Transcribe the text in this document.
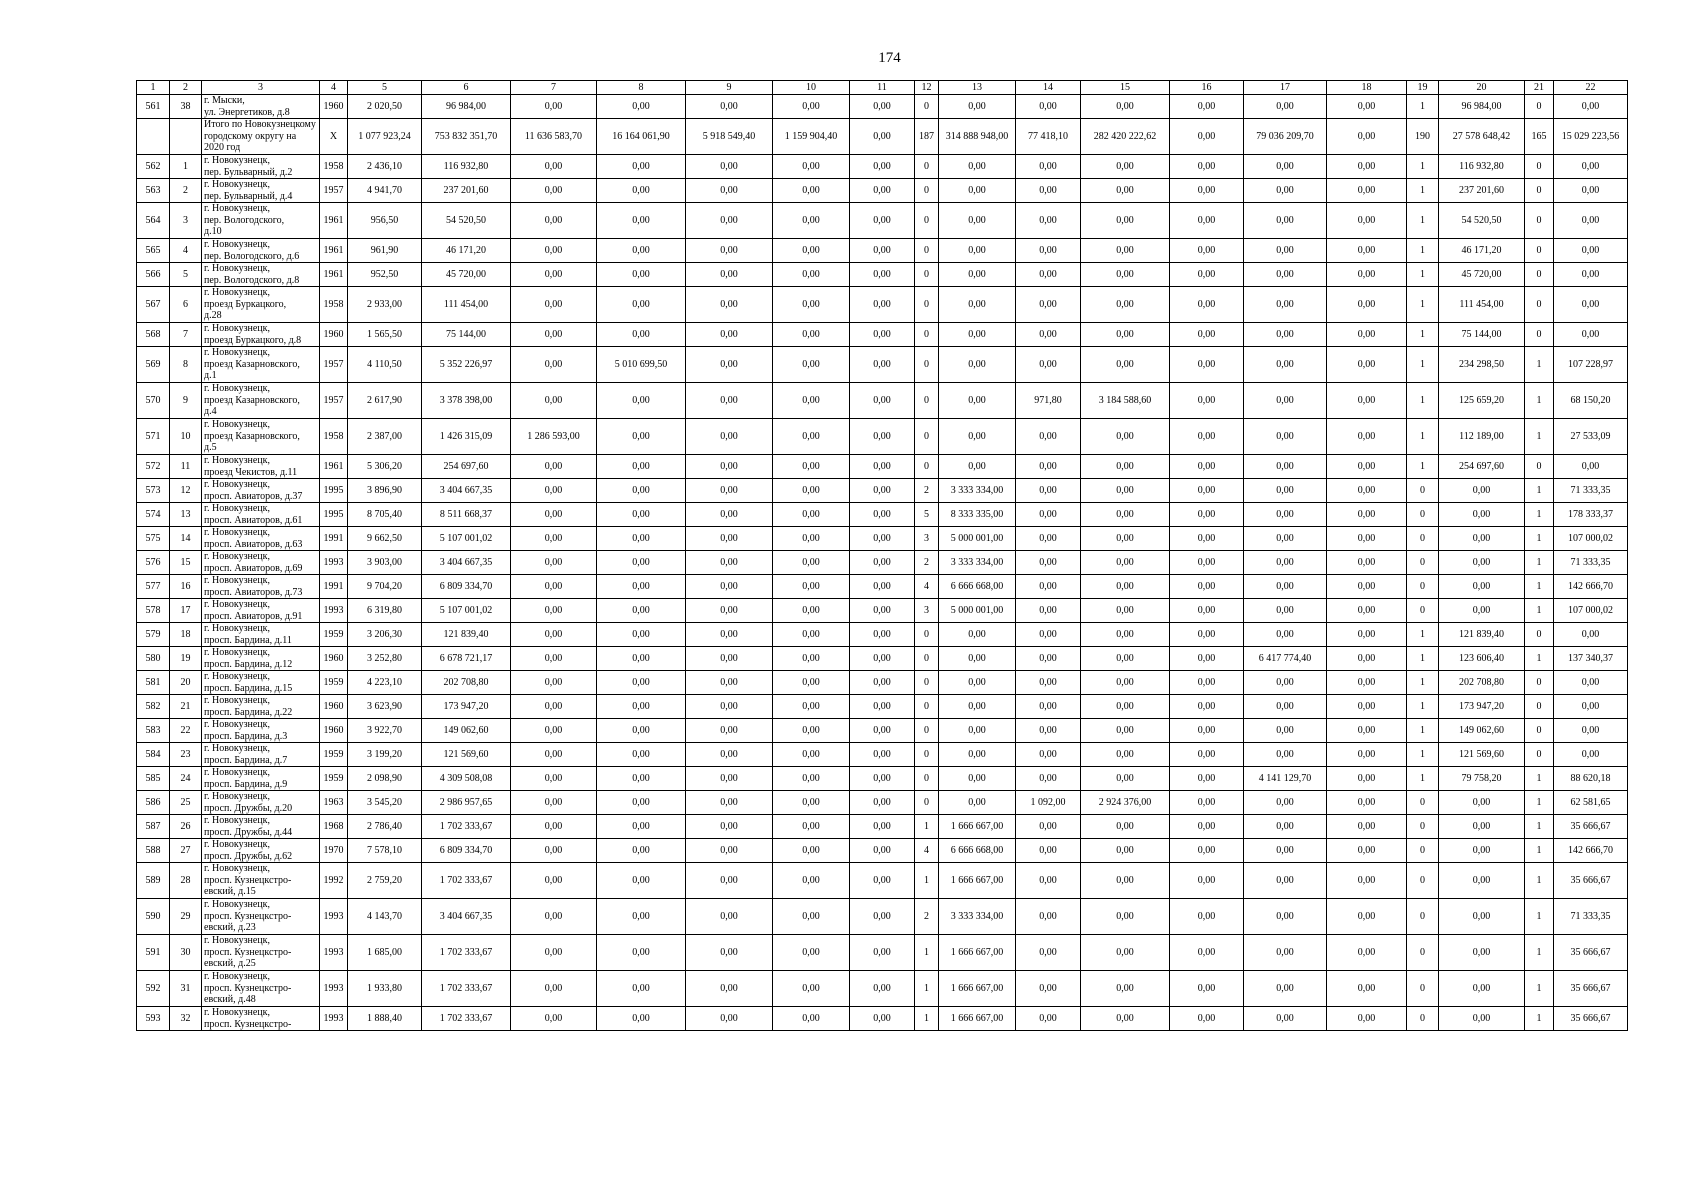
174
1	2	3	4	5	6	7	8	9	10	11	12	13	14	15	16	17	18	19	20	21	22
561	38	г. Мыски,
ул. Энергетиков, д.8	1960	2 020,50	96 984,00	0,00	0,00	0,00	0,00	0,00	0	0,00	0,00	0,00	0,00	0,00	0,00	1	96 984,00	0	0,00
		Итого по Новокузнецкому
городскому округу на
2020 год	X	1 077 923,24	753 832 351,70	11 636 583,70	16 164 061,90	5 918 549,40	1 159 904,40	0,00	187	314 888 948,00	77 418,10	282 420 222,62	0,00	79 036 209,70	0,00	190	27 578 648,42	165	15 029 223,56
562	1	г. Новокузнецк,
пер. Бульварный, д.2	1958	2 436,10	116 932,80	0,00	0,00	0,00	0,00	0,00	0	0,00	0,00	0,00	0,00	0,00	0,00	1	116 932,80	0	0,00
563	2	г. Новокузнецк,
пер. Бульварный, д.4	1957	4 941,70	237 201,60	0,00	0,00	0,00	0,00	0,00	0	0,00	0,00	0,00	0,00	0,00	0,00	1	237 201,60	0	0,00
564	3	г. Новокузнецк,
пер. Вологодского,
д.10	1961	956,50	54 520,50	0,00	0,00	0,00	0,00	0,00	0	0,00	0,00	0,00	0,00	0,00	0,00	1	54 520,50	0	0,00
565	4	г. Новокузнецк,
пер. Вологодского, д.6	1961	961,90	46 171,20	0,00	0,00	0,00	0,00	0,00	0	0,00	0,00	0,00	0,00	0,00	0,00	1	46 171,20	0	0,00
566	5	г. Новокузнецк,
пер. Вологодского, д.8	1961	952,50	45 720,00	0,00	0,00	0,00	0,00	0,00	0	0,00	0,00	0,00	0,00	0,00	0,00	1	45 720,00	0	0,00
567	6	г. Новокузнецк,
проезд Буркацкого,
д.28	1958	2 933,00	111 454,00	0,00	0,00	0,00	0,00	0,00	0	0,00	0,00	0,00	0,00	0,00	0,00	1	111 454,00	0	0,00
568	7	г. Новокузнецк,
проезд Буркацкого, д.8	1960	1 565,50	75 144,00	0,00	0,00	0,00	0,00	0,00	0	0,00	0,00	0,00	0,00	0,00	0,00	1	75 144,00	0	0,00
569	8	г. Новокузнецк,
проезд Казарновского,
д.1	1957	4 110,50	5 352 226,97	0,00	5 010 699,50	0,00	0,00	0,00	0	0,00	0,00	0,00	0,00	0,00	0,00	1	234 298,50	1	107 228,97
570	9	г. Новокузнецк,
проезд Казарновского,
д.4	1957	2 617,90	3 378 398,00	0,00	0,00	0,00	0,00	0,00	0	0,00	971,80	3 184 588,60	0,00	0,00	0,00	1	125 659,20	1	68 150,20
571	10	г. Новокузнецк,
проезд Казарновского,
д.5	1958	2 387,00	1 426 315,09	1 286 593,00	0,00	0,00	0,00	0,00	0	0,00	0,00	0,00	0,00	0,00	0,00	1	112 189,00	1	27 533,09
572	11	г. Новокузнецк,
проезд Чекистов, д.11	1961	5 306,20	254 697,60	0,00	0,00	0,00	0,00	0,00	0	0,00	0,00	0,00	0,00	0,00	0,00	1	254 697,60	0	0,00
573	12	г. Новокузнецк,
просп. Авиаторов, д.37	1995	3 896,90	3 404 667,35	0,00	0,00	0,00	0,00	0,00	2	3 333 334,00	0,00	0,00	0,00	0,00	0,00	0	0,00	1	71 333,35
574	13	г. Новокузнецк,
просп. Авиаторов, д.61	1995	8 705,40	8 511 668,37	0,00	0,00	0,00	0,00	0,00	5	8 333 335,00	0,00	0,00	0,00	0,00	0,00	0	0,00	1	178 333,37
575	14	г. Новокузнецк,
просп. Авиаторов, д.63	1991	9 662,50	5 107 001,02	0,00	0,00	0,00	0,00	0,00	3	5 000 001,00	0,00	0,00	0,00	0,00	0,00	0	0,00	1	107 000,02
576	15	г. Новокузнецк,
просп. Авиаторов, д.69	1993	3 903,00	3 404 667,35	0,00	0,00	0,00	0,00	0,00	2	3 333 334,00	0,00	0,00	0,00	0,00	0,00	0	0,00	1	71 333,35
577	16	г. Новокузнецк,
просп. Авиаторов, д.73	1991	9 704,20	6 809 334,70	0,00	0,00	0,00	0,00	0,00	4	6 666 668,00	0,00	0,00	0,00	0,00	0,00	0	0,00	1	142 666,70
578	17	г. Новокузнецк,
просп. Авиаторов, д.91	1993	6 319,80	5 107 001,02	0,00	0,00	0,00	0,00	0,00	3	5 000 001,00	0,00	0,00	0,00	0,00	0,00	0	0,00	1	107 000,02
579	18	г. Новокузнецк,
просп. Бардина, д.11	1959	3 206,30	121 839,40	0,00	0,00	0,00	0,00	0,00	0	0,00	0,00	0,00	0,00	0,00	0,00	1	121 839,40	0	0,00
580	19	г. Новокузнецк,
просп. Бардина, д.12	1960	3 252,80	6 678 721,17	0,00	0,00	0,00	0,00	0,00	0	0,00	0,00	0,00	0,00	6 417 774,40	0,00	1	123 606,40	1	137 340,37
581	20	г. Новокузнецк,
просп. Бардина, д.15	1959	4 223,10	202 708,80	0,00	0,00	0,00	0,00	0,00	0	0,00	0,00	0,00	0,00	0,00	0,00	1	202 708,80	0	0,00
582	21	г. Новокузнецк,
просп. Бардина, д.22	1960	3 623,90	173 947,20	0,00	0,00	0,00	0,00	0,00	0	0,00	0,00	0,00	0,00	0,00	0,00	1	173 947,20	0	0,00
583	22	г. Новокузнецк,
просп. Бардина, д.3	1960	3 922,70	149 062,60	0,00	0,00	0,00	0,00	0,00	0	0,00	0,00	0,00	0,00	0,00	0,00	1	149 062,60	0	0,00
584	23	г. Новокузнецк,
просп. Бардина, д.7	1959	3 199,20	121 569,60	0,00	0,00	0,00	0,00	0,00	0	0,00	0,00	0,00	0,00	0,00	0,00	1	121 569,60	0	0,00
585	24	г. Новокузнецк,
просп. Бардина, д.9	1959	2 098,90	4 309 508,08	0,00	0,00	0,00	0,00	0,00	0	0,00	0,00	0,00	0,00	4 141 129,70	0,00	1	79 758,20	1	88 620,18
586	25	г. Новокузнецк,
просп. Дружбы, д.20	1963	3 545,20	2 986 957,65	0,00	0,00	0,00	0,00	0,00	0	0,00	1 092,00	2 924 376,00	0,00	0,00	0,00	0	0,00	1	62 581,65
587	26	г. Новокузнецк,
просп. Дружбы, д.44	1968	2 786,40	1 702 333,67	0,00	0,00	0,00	0,00	0,00	1	1 666 667,00	0,00	0,00	0,00	0,00	0,00	0	0,00	1	35 666,67
588	27	г. Новокузнецк,
просп. Дружбы, д.62	1970	7 578,10	6 809 334,70	0,00	0,00	0,00	0,00	0,00	4	6 666 668,00	0,00	0,00	0,00	0,00	0,00	0	0,00	1	142 666,70
589	28	г. Новокузнецк,
просп. Кузнецкстро-
евский, д.15	1992	2 759,20	1 702 333,67	0,00	0,00	0,00	0,00	0,00	1	1 666 667,00	0,00	0,00	0,00	0,00	0,00	0	0,00	1	35 666,67
590	29	г. Новокузнецк,
просп. Кузнецкстро-
евский, д.23	1993	4 143,70	3 404 667,35	0,00	0,00	0,00	0,00	0,00	2	3 333 334,00	0,00	0,00	0,00	0,00	0,00	0	0,00	1	71 333,35
591	30	г. Новокузнецк,
просп. Кузнецкстро-
евский, д.25	1993	1 685,00	1 702 333,67	0,00	0,00	0,00	0,00	0,00	1	1 666 667,00	0,00	0,00	0,00	0,00	0,00	0	0,00	1	35 666,67
592	31	г. Новокузнецк,
просп. Кузнецкстро-
евский, д.48	1993	1 933,80	1 702 333,67	0,00	0,00	0,00	0,00	0,00	1	1 666 667,00	0,00	0,00	0,00	0,00	0,00	0	0,00	1	35 666,67
593	32	г. Новокузнецк,
просп. Кузнецкстро-	1993	1 888,40	1 702 333,67	0,00	0,00	0,00	0,00	0,00	1	1 666 667,00	0,00	0,00	0,00	0,00	0,00	0	0,00	1	35 666,67
